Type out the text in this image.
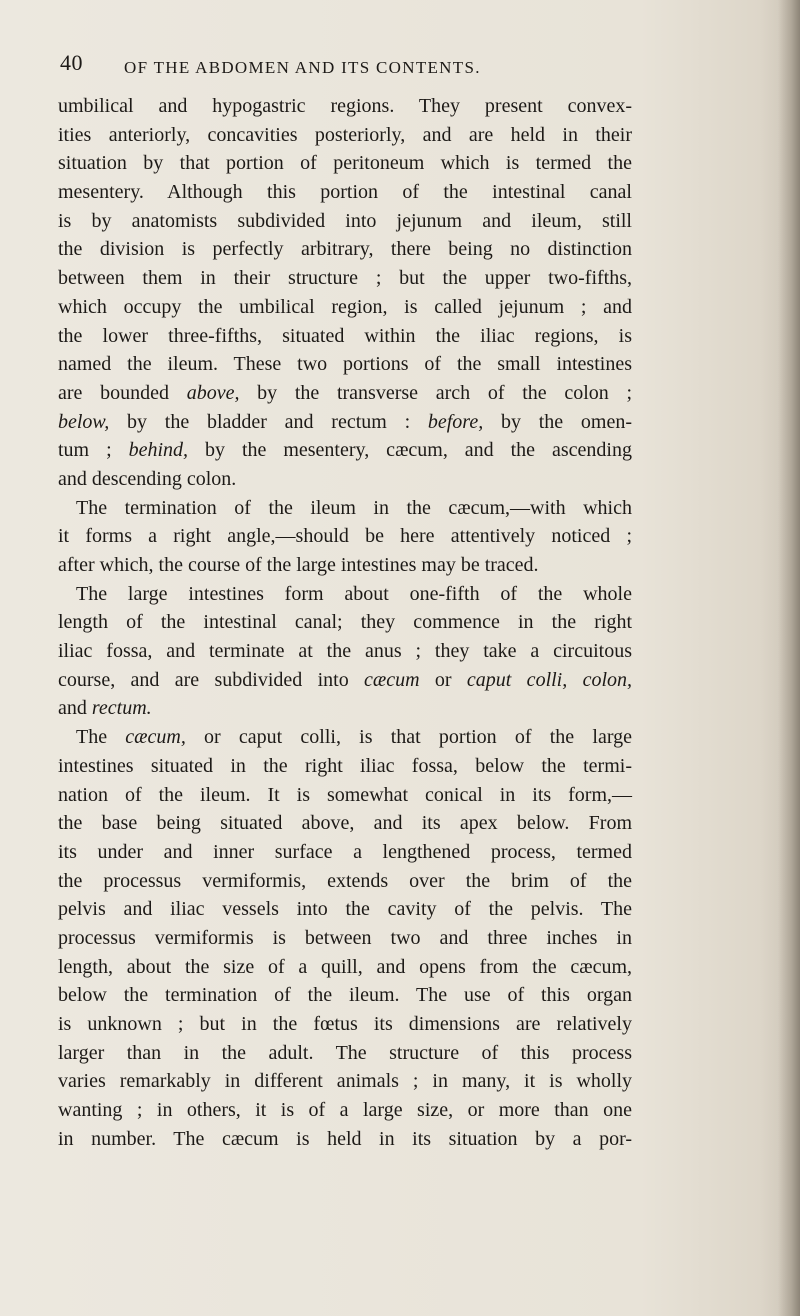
40 OF THE ABDOMEN AND ITS CONTENTS.
umbilical and hypogastric regions. They present convex-
ities anteriorly, concavities posteriorly, and are held in their
situation by that portion of peritoneum which is termed the
mesentery. Although this portion of the intestinal canal
is by anatomists subdivided into jejunum and ileum, still
the division is perfectly arbitrary, there being no distinction
between them in their structure ; but the upper two-fifths,
which occupy the umbilical region, is called jejunum ; and
the lower three-fifths, situated within the iliac regions, is
named the ileum. These two portions of the small intestines
are bounded above, by the transverse arch of the colon ;
below, by the bladder and rectum : before, by the omen-
tum ; behind, by the mesentery, cæcum, and the ascending
and descending colon.
The termination of the ileum in the cæcum,—with which
it forms a right angle,—should be here attentively noticed ;
after which, the course of the large intestines may be traced.
The large intestines form about one-fifth of the whole
length of the intestinal canal; they commence in the right
iliac fossa, and terminate at the anus ; they take a circuitous
course, and are subdivided into cæcum or caput colli, colon,
and rectum.
The cæcum, or caput colli, is that portion of the large
intestines situated in the right iliac fossa, below the termi-
nation of the ileum. It is somewhat conical in its form,—
the base being situated above, and its apex below. From
its under and inner surface a lengthened process, termed
the processus vermiformis, extends over the brim of the
pelvis and iliac vessels into the cavity of the pelvis. The
processus vermiformis is between two and three inches in
length, about the size of a quill, and opens from the cæcum,
below the termination of the ileum. The use of this organ
is unknown ; but in the fœtus its dimensions are relatively
larger than in the adult. The structure of this process
varies remarkably in different animals ; in many, it is wholly
wanting ; in others, it is of a large size, or more than one
in number. The cæcum is held in its situation by a por-
